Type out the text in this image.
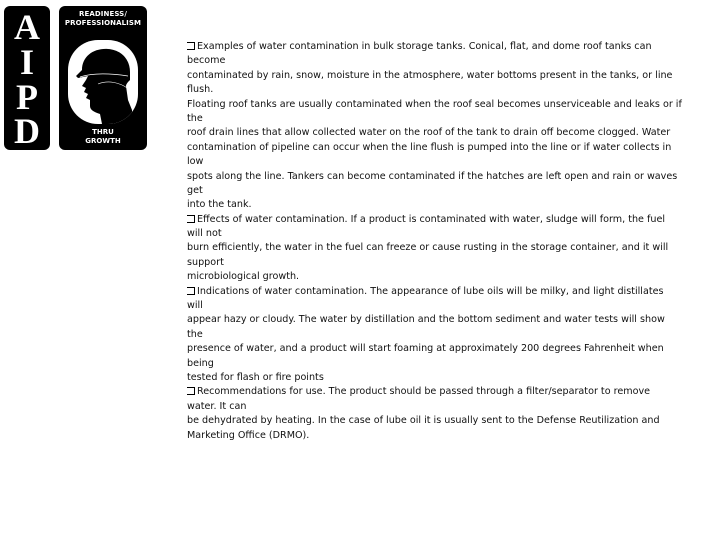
A
I
P
D
READINESS/
PROFESSIONALISM
THRU
GROWTH
Examples of water contamination in bulk storage tanks. Conical, flat, and dome roof tanks can
become
contaminated by rain, snow, moisture in the atmosphere, water bottoms present in the tanks, or line
flush.
Floating roof tanks are usually contaminated when the roof seal becomes unserviceable and leaks or if
the
roof drain lines that allow collected water on the roof of the tank to drain off become clogged. Water
contamination of pipeline can occur when the line flush is pumped into the line or if water collects in
low
spots along the line. Tankers can become contaminated if the hatches are left open and rain or waves
get
into the tank.
Effects of water contamination. If a product is contaminated with water, sludge will form, the fuel
will not
burn efficiently, the water in the fuel can freeze or cause rusting in the storage container, and it will
support
microbiological growth.
Indications of water contamination. The appearance of lube oils will be milky, and light distillates
will
appear hazy or cloudy. The water by distillation and the bottom sediment and water tests will show
the
presence of water, and a product will start foaming at approximately 200 degrees Fahrenheit when
being
tested for flash or fire points
Recommendations for use. The product should be passed through a filter/separator to remove
water. It can
be dehydrated by heating. In the case of lube oil it is usually sent to the Defense Reutilization and
Marketing Office (DRMO).
